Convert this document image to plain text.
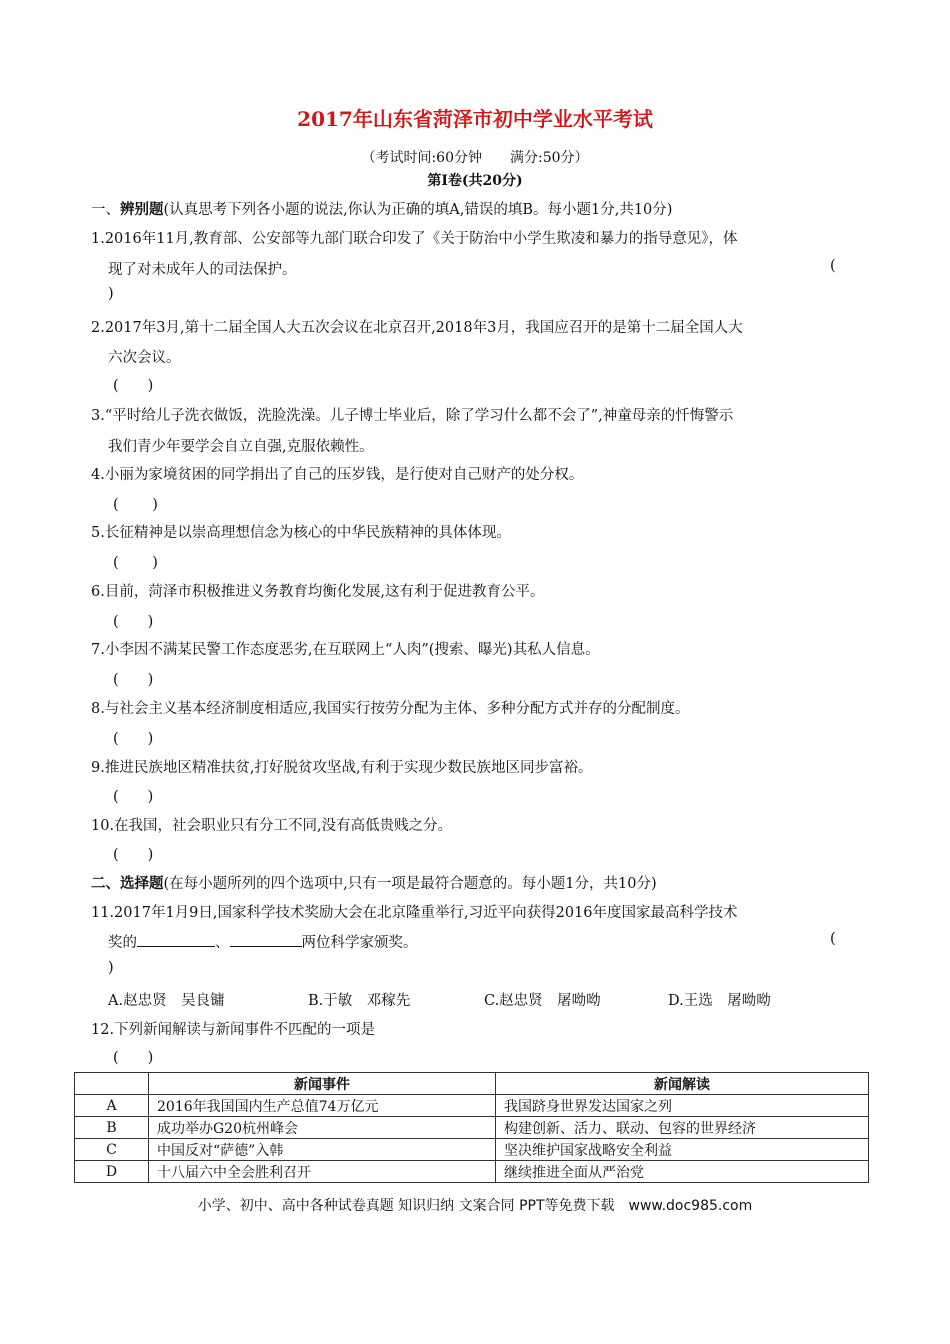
2017年山东省菏泽市初中学业水平考试
（考试时间:60分钟　　满分:50分）
第Ⅰ卷(共20分)
一、辨别题(认真思考下列各小题的说法,你认为正确的填A,错误的填B。每小题1分,共10分)
1.2016年11月,教育部、公安部等九部门联合印发了《关于防治中小学生欺凌和暴力的指导意见》，体
现了对未成年人的司法保护。	(
)
2.2017年3月,第十二届全国人大五次会议在北京召开,2018年3月，我国应召开的是第十二届全国人大
六次会议。
(　　)
3.“平时给儿子洗衣做饭，洗脸洗澡。儿子博士毕业后，除了学习什么都不会了”,神童母亲的忏悔警示
我们青少年要学会自立自强,克服依赖性。
4.小丽为家境贫困的同学捐出了自己的压岁钱，是行使对自己财产的处分权。
(　　 )
5.长征精神是以崇高理想信念为核心的中华民族精神的具体体现。
(　　 )
6.目前，菏泽市积极推进义务教育均衡化发展,这有利于促进教育公平。
(　　)
7.小李因不满某民警工作态度恶劣,在互联网上“人肉”(搜索、曝光)其私人信息。
(　　)
8.与社会主义基本经济制度相适应,我国实行按劳分配为主体、多种分配方式并存的分配制度。
(　　)
9.推进民族地区精准扶贫,打好脱贫攻坚战,有利于实现少数民族地区同步富裕。
(　　)
10.在我国，社会职业只有分工不同,没有高低贵贱之分。
(　　)
二、选择题(在每小题所列的四个选项中,只有一项是最符合题意的。每小题1分，共10分)
11.2017年1月9日,国家科学技术奖励大会在北京隆重举行,习近平向获得2016年度国家最高科学技术
奖的	、	两位科学家颁奖。	(
)
A.赵忠贤　吴良镛	B.于敏　邓稼先	C.赵忠贤　屠呦呦	D.王选　屠呦呦
12.下列新闻解读与新闻事件不匹配的一项是
(　　)
	新闻事件	新闻解读
A	2016年我国国内生产总值74万亿元	我国跻身世界发达国家之列
B	成功举办G20杭州峰会	构建创新、活力、联动、包容的世界经济
C	中国反对“萨德”入韩	坚决维护国家战略安全利益
D	十八届六中全会胜利召开	继续推进全面从严治党
小学、初中、高中各种试卷真题 知识归纳 文案合同 PPT等免费下载　www.doc985.com
